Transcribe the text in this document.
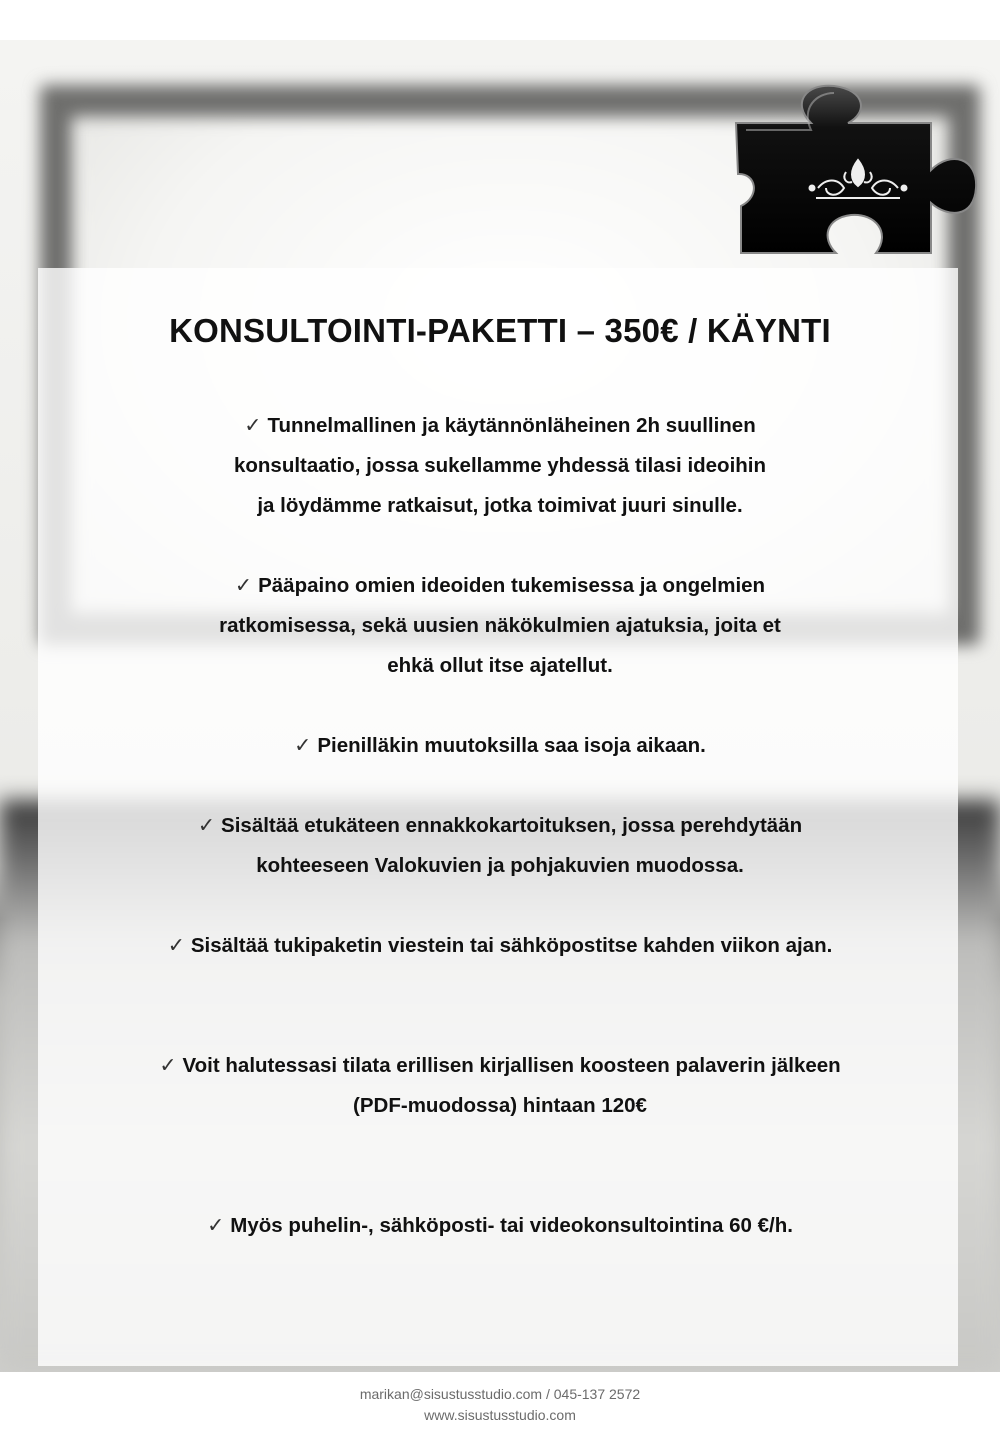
KONSULTOINTI-PAKETTI – 350€ / KÄYNTI

✓ Tunnelmallinen ja käytännönläheinen 2h suullinen
konsultaatio, jossa sukellamme yhdessä tilasi ideoihin
ja löydämme ratkaisut, jotka toimivat juuri sinulle.

✓ Pääpaino omien ideoiden tukemisessa ja ongelmien
ratkomisessa, sekä uusien näkökulmien ajatuksia, joita et
ehkä ollut itse ajatellut.

✓ Pienilläkin muutoksilla saa isoja aikaan.

✓ Sisältää etukäteen ennakkokartoituksen, jossa perehdytään
kohteeseen Valokuvien ja pohjakuvien muodossa.

✓ Sisältää tukipaketin viestein tai sähköpostitse kahden viikon ajan.

✓ Voit halutessasi tilata erillisen kirjallisen koosteen palaverin jälkeen
(PDF-muodossa) hintaan 120€

✓ Myös puhelin-, sähköposti- tai videokonsultointina 60 €/h.

marikan@sisustusstudio.com / 045-137 2572

www.sisustusstudio.com
